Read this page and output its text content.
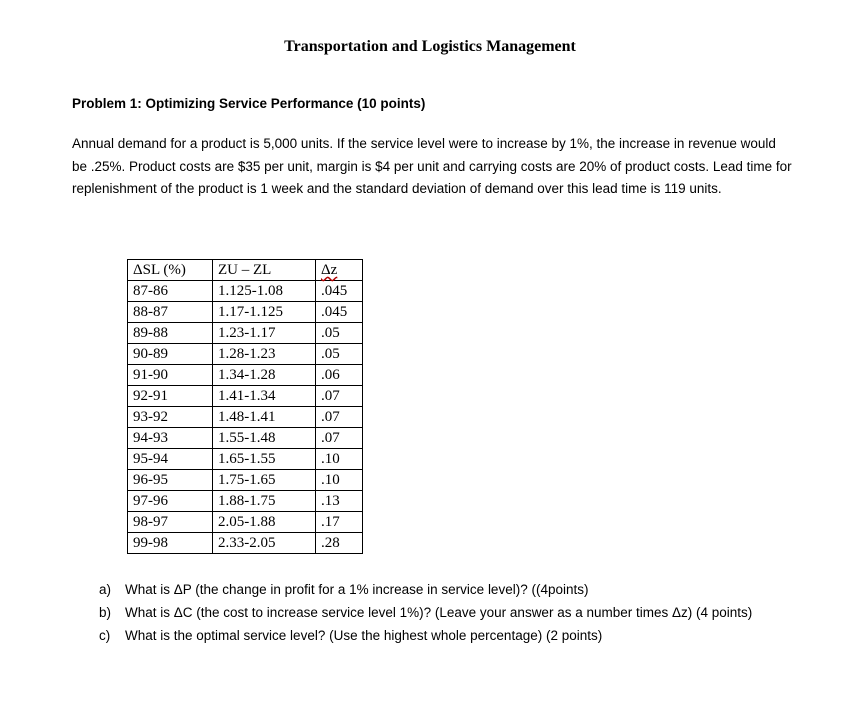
Transportation and Logistics Management
Problem 1: Optimizing Service Performance (10 points)
Annual demand for a product is 5,000 units. If the service level were to increase by 1%, the increase in revenue would be .25%. Product costs are $35 per unit, margin is $4 per unit and carrying costs are 20% of product costs. Lead time for replenishment of the product is 1 week and the standard deviation of demand over this lead time is 119 units.
ΔSL (%)	ZU – ZL	Δz
87-86	1.125-1.08	.045
88-87	1.17-1.125	.045
89-88	1.23-1.17	.05
90-89	1.28-1.23	.05
91-90	1.34-1.28	.06
92-91	1.41-1.34	.07
93-92	1.48-1.41	.07
94-93	1.55-1.48	.07
95-94	1.65-1.55	.10
96-95	1.75-1.65	.10
97-96	1.88-1.75	.13
98-97	2.05-1.88	.17
99-98	2.33-2.05	.28
a)	What is ΔP (the change in profit for a 1% increase in service level)? ((4points)
b)	What is ΔC (the cost to increase service level 1%)? (Leave your answer as a number times Δz) (4 points)
c)	What is the optimal service level? (Use the highest whole percentage) (2 points)
